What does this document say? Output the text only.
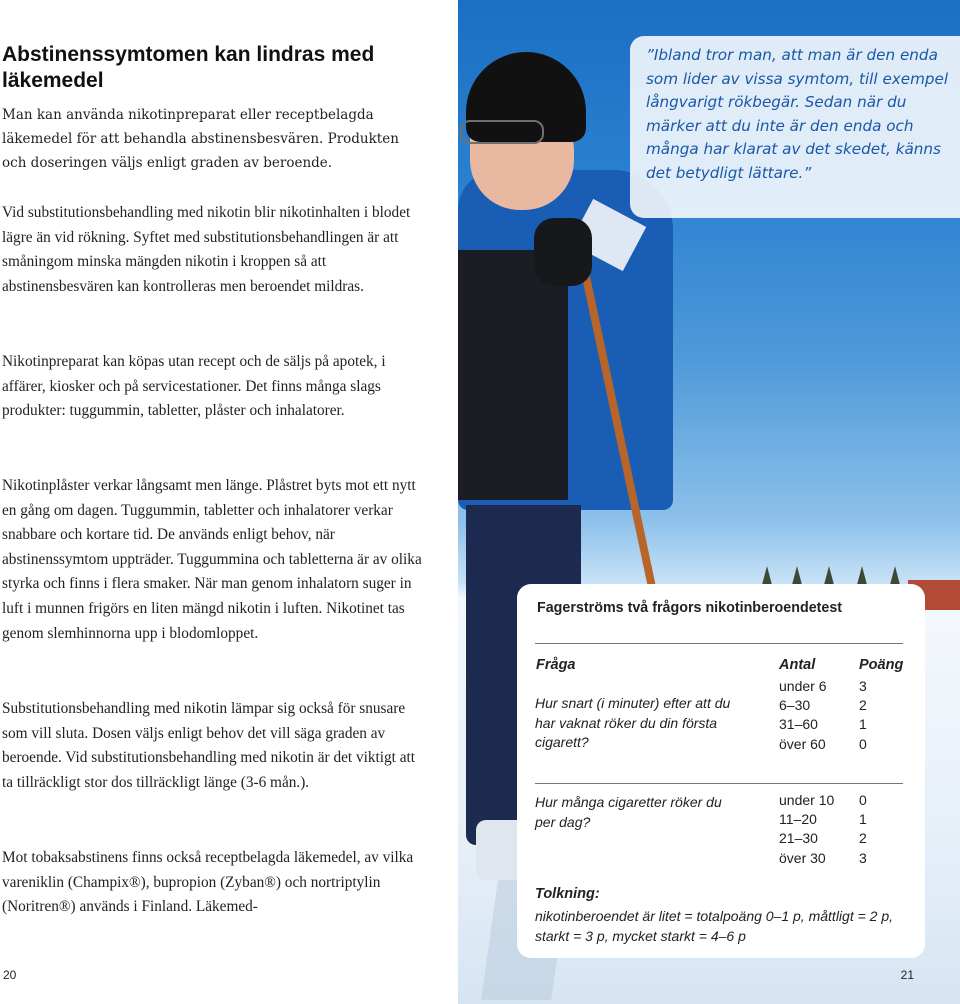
Abstinenssymtomen kan lindras med läkemedel

Man kan använda nikotinpreparat eller receptbelagda läkemedel för att behandla abstinensbesvären. Produkten och doseringen väljs enligt graden av beroende.

Vid substitutionsbehandling med nikotin blir nikotinhalten i blodet lägre än vid rökning. Syftet med substitutionsbehandlingen är att småningom minska mängden nikotin i kroppen så att abstinensbesvären kan kontrolleras men beroendet mildras.

Nikotinpreparat kan köpas utan recept och de säljs på apotek, i affärer, kiosker och på servicestationer. Det finns många slags produkter: tuggummin, tabletter, plåster och inhalatorer.

Nikotinplåster verkar långsamt men länge. Plåstret byts mot ett nytt en gång om dagen. Tuggummin, tabletter och inhalatorer verkar snabbare och kortare tid. De används enligt behov, när abstinenssymtom uppträder. Tuggummina och tabletterna är av olika styrka och finns i flera smaker. När man genom inhalatorn suger in luft i munnen frigörs en liten mängd nikotin i luften. Nikotinet tas genom slemhinnorna upp i blodomloppet.

Substitutionsbehandling med nikotin lämpar sig också för snusare som vill sluta. Dosen väljs enligt behov det vill säga graden av beroende. Vid substitutionsbehandling med nikotin är det viktigt att ta tillräckligt stor dos tillräckligt länge (3-6 mån.).

Mot tobaksabstinens finns också receptbelagda läkemedel, av vilka vareniklin (Champix®), bupropion (Zyban®) och nortriptylin (Noritren®) används i Finland. Läkemed-

20

”Ibland tror man, att man är den enda som lider av vissa symtom, till exempel långvarigt rökbegär. Sedan när du märker att du inte är den enda och många har klarat av det skedet, känns det betydligt lättare.”

Fagerströms två frågors nikotinberoendetest
Fråga	Antal	Poäng

Hur snart (i minuter) efter att du har vaknat röker du din första cigarett?

under 6
6–30
31–60
över 60
3
2
1
0

Hur många cigaretter röker du per dag?

under 10
11–20
21–30
över 30
0
1
2
3
Tolkning:

nikotinberoendet är litet = totalpoäng 0–1 p, måttligt = 2 p, starkt = 3 p, mycket starkt = 4–6 p

21
